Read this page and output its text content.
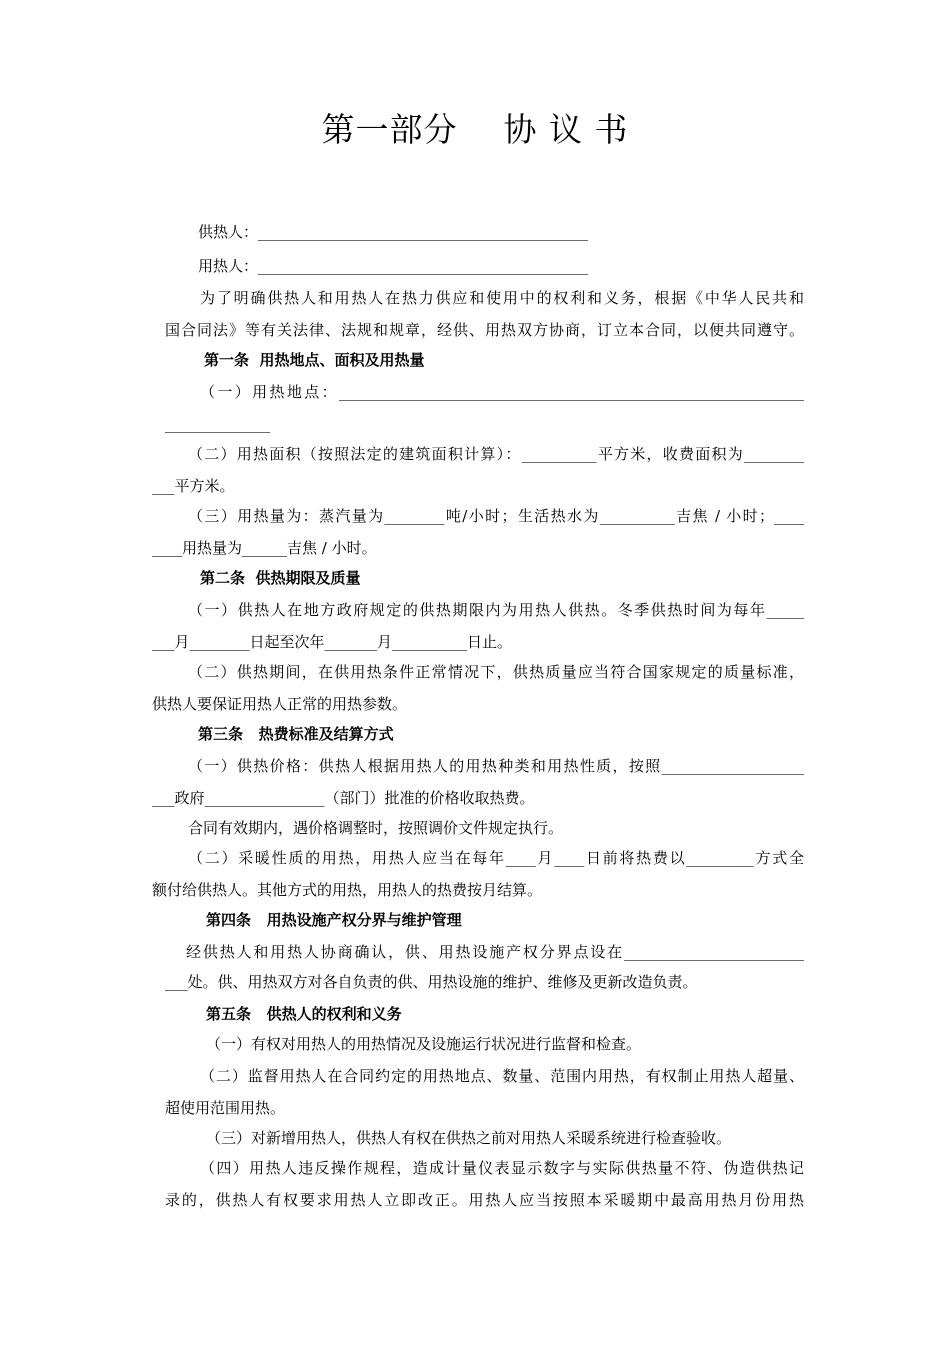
第一部分    协 议 书
供热人：____________________________________________
用热人：____________________________________________
为了明确供热人和用热人在热力供应和使用中的权利和义务，根据《中华人民共和
国合同法》等有关法律、法规和规章，经供、用热双方协商，订立本合同，以便共同遵守。
第一条  用热地点、面积及用热量
（一）用热地点：______________________________________________________________
______________
（二）用热面积（按照法定的建筑面积计算）：__________平方米，收费面积为________
___平方米。
（三）用热量为：蒸汽量为________吨/小时；生活热水为__________吉焦 / 小时；____
____用热量为______吉焦 / 小时。
第二条  供热期限及质量
（一）供热人在地方政府规定的供热期限内为用热人供热。冬季供热时间为每年_____
___月________日起至次年_______月__________日止。
（二）供热期间，在供用热条件正常情况下，供热质量应当符合国家规定的质量标准，
供热人要保证用热人正常的用热参数。
第三条   热费标准及结算方式
（一）供热价格：供热人根据用热人的用热种类和用热性质，按照___________________
___政府________________（部门）批准的价格收取热费。
合同有效期内，遇价格调整时，按照调价文件规定执行。
（二）采暖性质的用热，用热人应当在每年____月____日前将热费以_________方式全
额付给供热人。其他方式的用热，用热人的热费按月结算。
第四条   用热设施产权分界与维护管理
经供热人和用热人协商确认，供、用热设施产权分界点设在________________________
___处。供、用热双方对各自负责的供、用热设施的维护、维修及更新改造负责。
第五条   供热人的权利和义务
（一）有权对用热人的用热情况及设施运行状况进行监督和检查。
（二）监督用热人在合同约定的用热地点、数量、范围内用热，有权制止用热人超量、
超使用范围用热。
（三）对新增用热人，供热人有权在供热之前对用热人采暖系统进行检查验收。
（四）用热人违反操作规程，造成计量仪表显示数字与实际供热量不符、伪造供热记
录的，供热人有权要求用热人立即改正。用热人应当按照本采暖期中最高用热月份用热
